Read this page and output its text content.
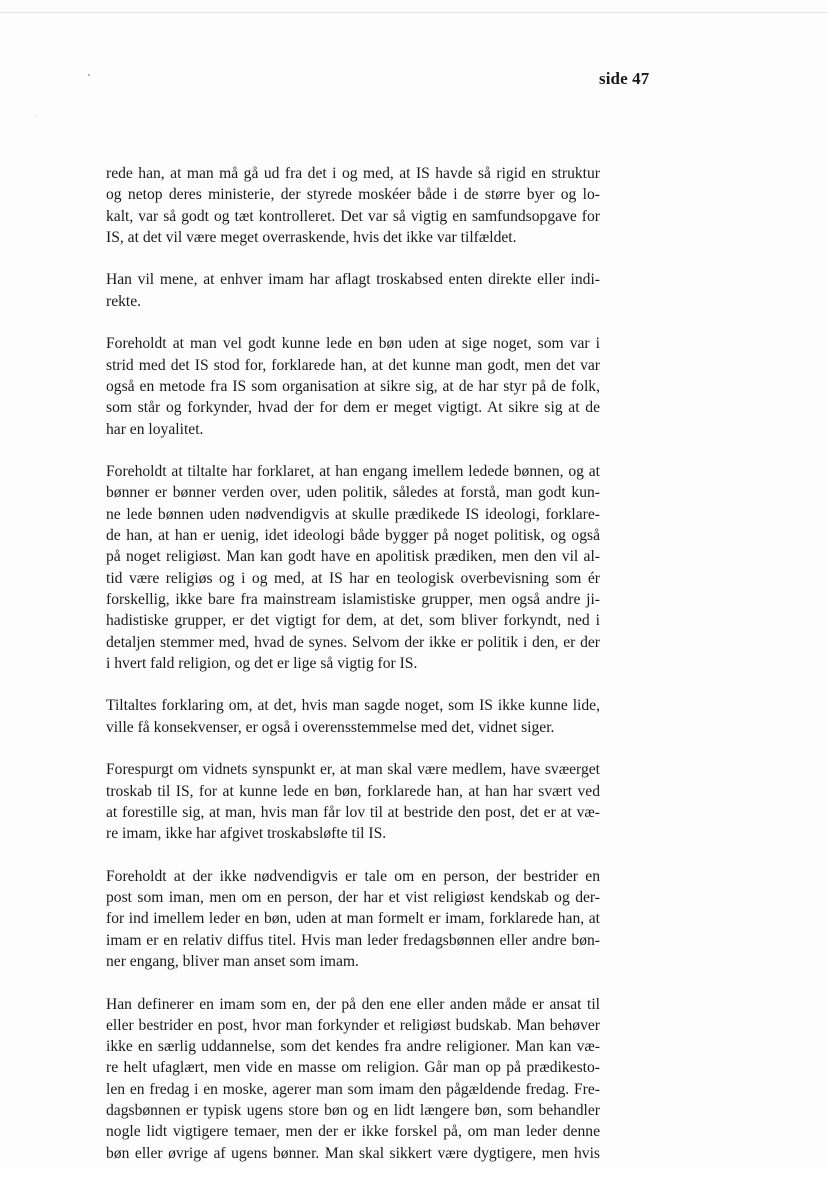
side 47

rede han, at man må gå ud fra det i og med, at IS havde så rigid en struktur
og netop deres ministerie, der styrede moskéer både i de større byer og lo-
kalt, var så godt og tæt kontrolleret. Det var så vigtig en samfundsopgave for
IS, at det vil være meget overraskende, hvis det ikke var tilfældet.

Han vil mene, at enhver imam har aflagt troskabsed enten direkte eller indi-
rekte.

Foreholdt at man vel godt kunne lede en bøn uden at sige noget, som var i
strid med det IS stod for, forklarede han, at det kunne man godt, men det var
også en metode fra IS som organisation at sikre sig, at de har styr på de folk,
som står og forkynder, hvad der for dem er meget vigtigt. At sikre sig at de
har en loyalitet.

Foreholdt at tiltalte har forklaret, at han engang imellem ledede bønnen, og at
bønner er bønner verden over, uden politik, således at forstå, man godt kun-
ne lede bønnen uden nødvendigvis at skulle prædikede IS ideologi, forklare-
de han, at han er uenig, idet ideologi både bygger på noget politisk, og også
på noget religiøst. Man kan godt have en apolitisk prædiken, men den vil al-
tid være religiøs og i og med, at IS har en teologisk overbevisning som ér
forskellig, ikke bare fra mainstream islamistiske grupper, men også andre ji-
hadistiske grupper, er det vigtigt for dem, at det, som bliver forkyndt, ned i
detaljen stemmer med, hvad de synes. Selvom der ikke er politik i den, er der
i hvert fald religion, og det er lige så vigtig for IS.

Tiltaltes forklaring om, at det, hvis man sagde noget, som IS ikke kunne lide,
ville få konsekvenser, er også i overensstemmelse med det, vidnet siger.

Forespurgt om vidnets synspunkt er, at man skal være medlem, have svæerget
troskab til IS, for at kunne lede en bøn, forklarede han, at han har svært ved
at forestille sig, at man, hvis man får lov til at bestride den post, det er at væ-
re imam, ikke har afgivet troskabsløfte til IS.

Foreholdt at der ikke nødvendigvis er tale om en person, der bestrider en
post som iman, men om en person, der har et vist religiøst kendskab og der-
for ind imellem leder en bøn, uden at man formelt er imam, forklarede han, at
imam er en relativ diffus titel. Hvis man leder fredagsbønnen eller andre bøn-
ner engang, bliver man anset som imam.

Han definerer en imam som en, der på den ene eller anden måde er ansat til
eller bestrider en post, hvor man forkynder et religiøst budskab. Man behøver
ikke en særlig uddannelse, som det kendes fra andre religioner. Man kan væ-
re helt ufaglært, men vide en masse om religion. Går man op på prædikesto-
len en fredag i en moske, agerer man som imam den pågældende fredag. Fre-
dagsbønnen er typisk ugens store bøn og en lidt længere bøn, som behandler
nogle lidt vigtigere temaer, men der er ikke forskel på, om man leder denne
bøn eller øvrige af ugens bønner. Man skal sikkert være dygtigere, men hvis
